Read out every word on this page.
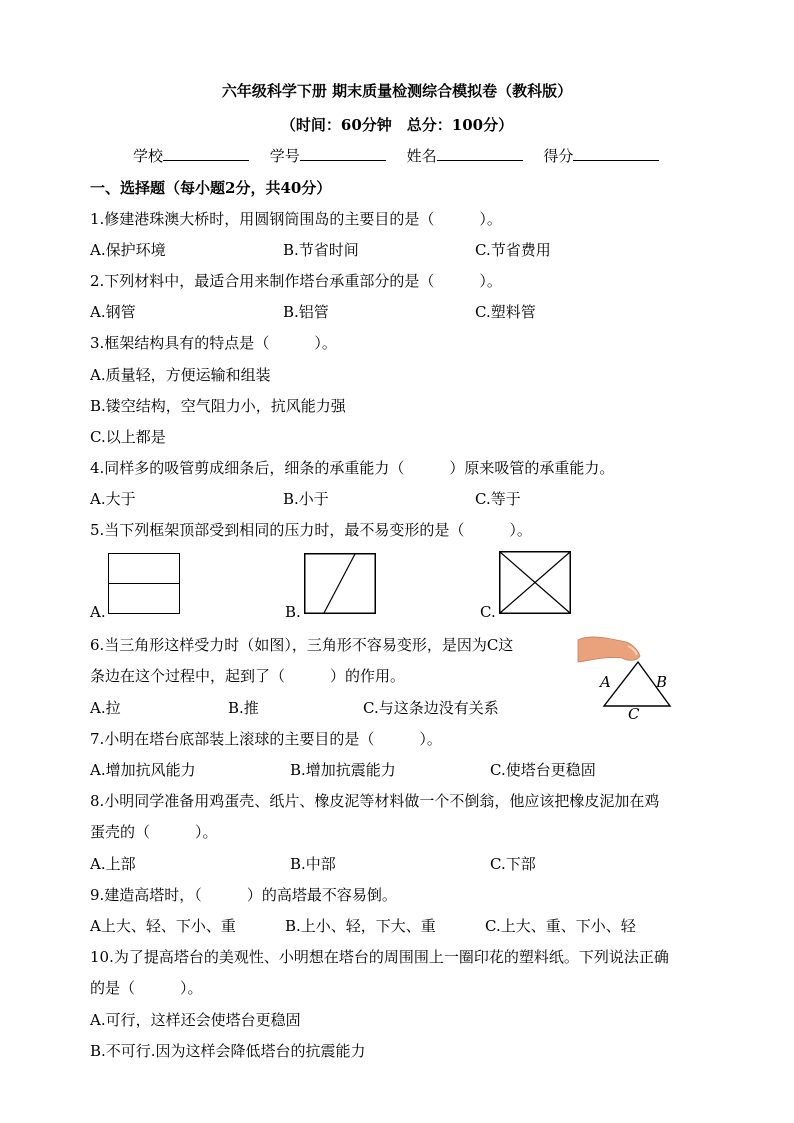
六年级科学下册 期末质量检测综合模拟卷（教科版）
（时间：60分钟　总分：100分）
学校	学号	姓名	得分
一、选择题（每小题2分，共40分）
1.修建港珠澳大桥时，用圆钢筒围岛的主要目的是（　　　）。
A.保护环境	B.节省时间	C.节省费用
2.下列材料中，最适合用来制作塔台承重部分的是（　　　）。
A.钢管	B.铝管	C.塑料管
3.框架结构具有的特点是（　　　）。
A.质量轻，方便运输和组装
B.镂空结构，空气阻力小，抗风能力强
C.以上都是
4.同样多的吸管剪成细条后，细条的承重能力（　　　）原来吸管的承重能力。
A.大于	B.小于	C.等于
5.当下列框架顶部受到相同的压力时，最不易变形的是（　　　）。
A.	B.	C.
6.当三角形这样受力时（如图），三角形不容易变形，是因为C这
条边在这个过程中，起到了（　　　）的作用。
A.拉	B.推	C.与这条边没有关系
A	B
C
7.小明在塔台底部装上滚球的主要目的是（　　　）。
A.增加抗风能力	B.增加抗震能力	C.使塔台更稳固
8.小明同学准备用鸡蛋壳、纸片、橡皮泥等材料做一个不倒翁，他应该把橡皮泥加在鸡
蛋壳的（　　　）。
A.上部	B.中部	C.下部
9.建造高塔时，（　　　）的高塔最不容易倒。
A上大、轻、下小、重	B.上小、轻，下大、重	C.上大、重、下小、轻
10.为了提高塔台的美观性、小明想在塔台的周围围上一圈印花的塑料纸。下列说法正确
的是（　　　）。
A.可行，这样还会使塔台更稳固
B.不可行.因为这样会降低塔台的抗震能力
